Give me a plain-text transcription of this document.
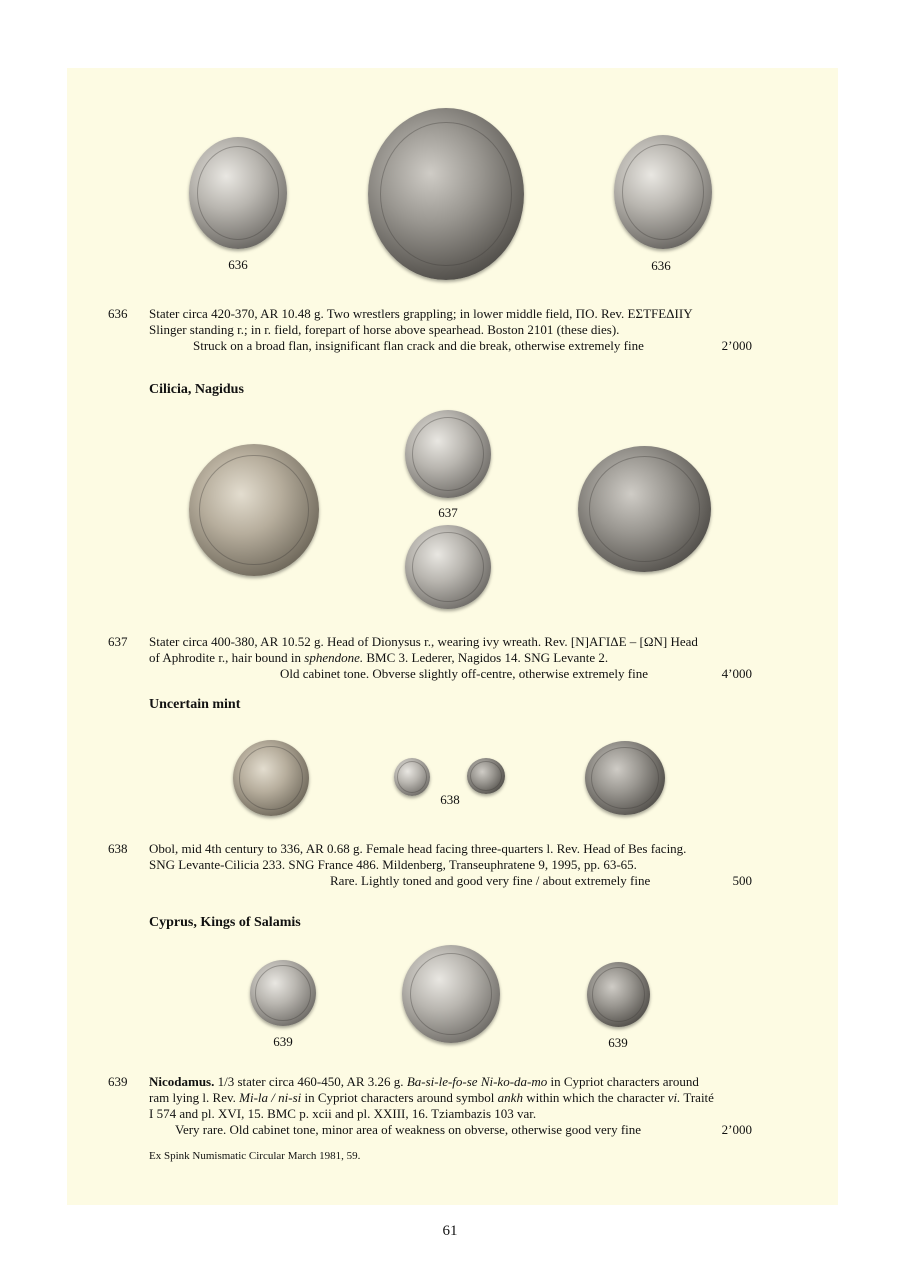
636	636
636 Stater circa 420-370, AR 10.48 g. Two wrestlers grappling; in lower middle field, ΠΟ. Rev. ΕΣΤFΕΔΙΙΥ
Slinger standing r.; in r. field, forepart of horse above spearhead. Boston 2101 (these dies).
Struck on a broad flan, insignificant flan crack and die break, otherwise extremely fine	2’000
Cilicia, Nagidus
637
637 Stater circa 400-380, AR 10.52 g. Head of Dionysus r., wearing ivy wreath. Rev. [Ν]ΑΓΙΔΕ – [ΩΝ] Head
of Aphrodite r., hair bound in sphendone. BMC 3. Lederer, Nagidos 14. SNG Levante 2.
Old cabinet tone. Obverse slightly off-centre, otherwise extremely fine	4’000
Uncertain mint
638
638 Obol, mid 4th century to 336, AR 0.68 g. Female head facing three-quarters l. Rev. Head of Bes facing.
SNG Levante-Cilicia 233. SNG France 486. Mildenberg, Transeuphratene 9, 1995, pp. 63-65.
Rare. Lightly toned and good very fine / about extremely fine	500
Cyprus, Kings of Salamis
639	639
639 Nicodamus. 1/3 stater circa 460-450, AR 3.26 g. Ba-si-le-fo-se Ni-ko-da-mo in Cypriot characters around
ram lying l. Rev. Mi-la / ni-si in Cypriot characters around symbol ankh within which the character vi. Traité
I 574 and pl. XVI, 15. BMC p. xcii and pl. XXIII, 16. Tziambazis 103 var.
Very rare. Old cabinet tone, minor area of weakness on obverse, otherwise good very fine	2’000
Ex Spink Numismatic Circular March 1981, 59.
61
